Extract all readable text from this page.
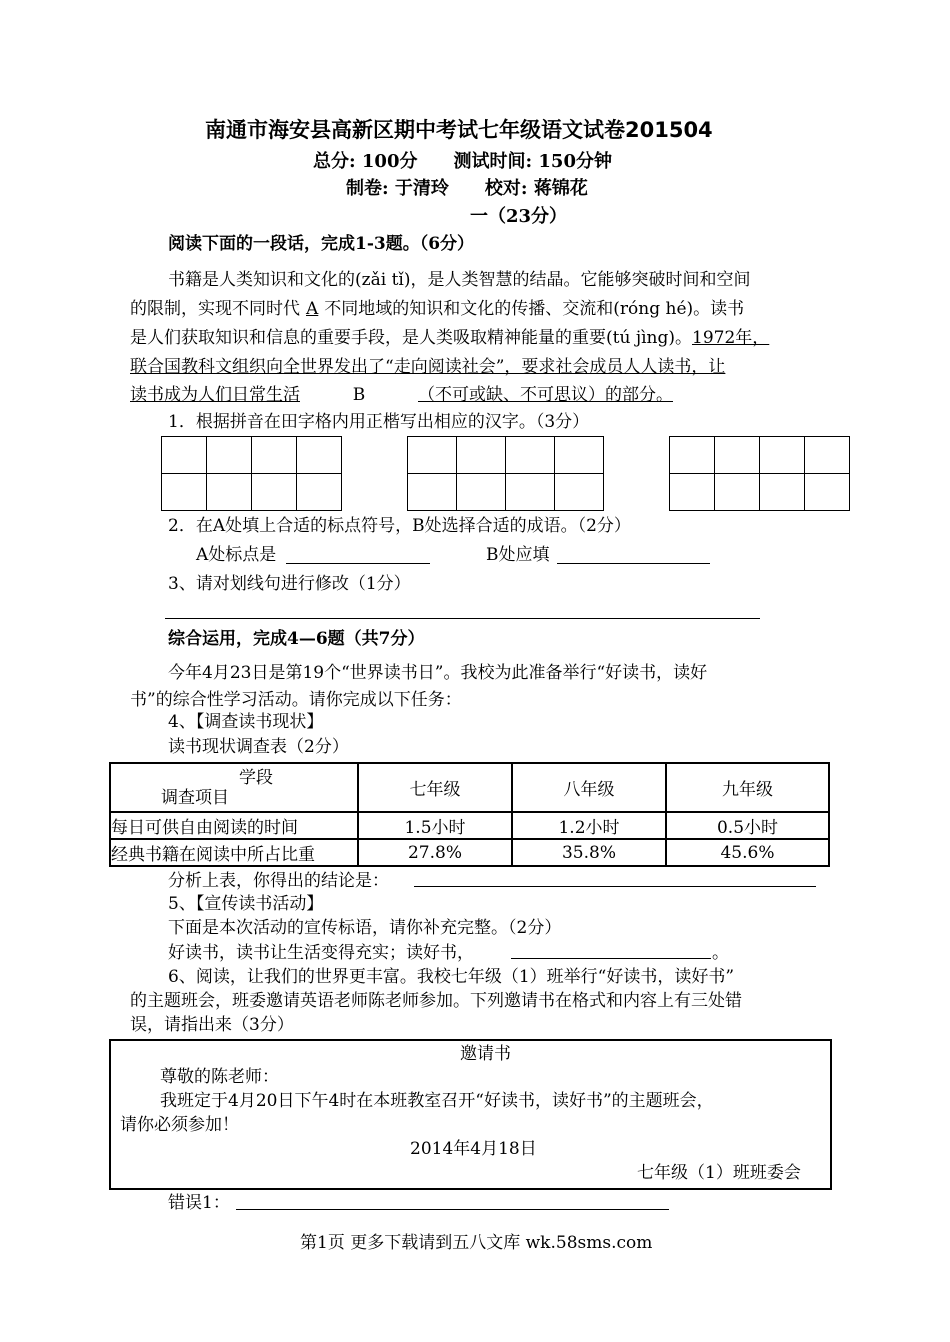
南通市海安县高新区期中考试七年级语文试卷201504
总分: 100分　　测试时间: 150分钟
制卷: 于清玲　　校对: 蒋锦花
一（23分）
阅读下面的一段话，完成1-3题。（6分）
书籍是人类知识和文化的(zǎi tǐ)，是人类智慧的结晶。它能够突破时间和空间
的限制，实现不同时代 A 不同地域的知识和文化的传播、交流和(róng hé)。读书
是人们获取知识和信息的重要手段，是人类吸取精神能量的重要(tú jìng)。1972年，
联合国教科文组织向全世界发出了“走向阅读社会”，要求社会成员人人读书，让
读书成为人们日常生活	B	（不可或缺、不可思议）的部分。
1．根据拼音在田字格内用正楷写出相应的汉字。（3分）

2．在A处填上合适的标点符号，B处选择合适的成语。（2分）
A处标点是	B处应填
3、请对划线句进行修改（1分）
综合运用，完成4—6题（共7分）
今年4月23日是第19个“世界读书日”。我校为此准备举行“好读书，读好
书”的综合性学习活动。请你完成以下任务：
4、【调查读书现状】
读书现状调查表（2分）
学段
调查项目	七年级	八年级	九年级
每日可供自由阅读的时间	1.5小时	1.2小时	0.5小时
经典书籍在阅读中所占比重	27.8%	35.8%	45.6%
分析上表，你得出的结论是：
5、【宣传读书活动】
下面是本次活动的宣传标语，请你补充完整。（2分）
好读书，读书让生活变得充实；读好书，	。
6、阅读，让我们的世界更丰富。我校七年级（1）班举行“好读书，读好书”
的主题班会，班委邀请英语老师陈老师参加。下列邀请书在格式和内容上有三处错
误，请指出来（3分）
邀请书
尊敬的陈老师：
我班定于4月20日下午4时在本班教室召开“好读书，读好书”的主题班会，
请你必须参加！
2014年4月18日
七年级（1）班班委会
错误1：
第1页 更多下载请到五八文库 wk.58sms.com
